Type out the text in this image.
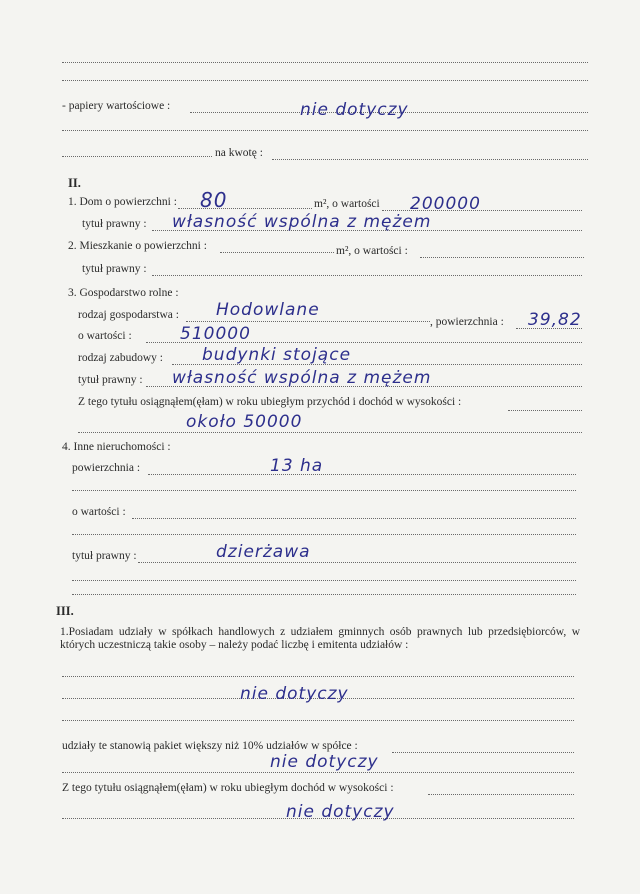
- papiery wartościowe :	nie dotyczy
na kwotę :
II.
1. Dom o powierzchni : 80	m², o wartości 200000
tytuł prawny : własność wspólna z mężem
2. Mieszkanie o powierzchni :	m², o wartości :
tytuł prawny :
3. Gospodarstwo rolne :
rodzaj gospodarstwa : Hodowlane
, powierzchnia : 39,82
o wartości :	510000
rodzaj zabudowy : budynki stojące
tytuł prawny : własność wspólna z mężem
Z tego tytułu osiągnąłem(ęłam) w roku ubiegłym przychód i dochód w wysokości :
około 50000
4. Inne nieruchomości :
powierzchnia :	13 ha
o wartości :
tytuł prawny :	dzierżawa
III.
1.Posiadam udziały w spółkach handlowych z udziałem gminnych osób prawnych lub przedsiębiorców, w których uczestniczą takie osoby – należy podać liczbę i emitenta udziałów :
nie dotyczy
udziały te stanowią pakiet większy niż 10% udziałów w spółce :
nie dotyczy
Z tego tytułu osiągnąłem(ęłam) w roku ubiegłym dochód w wysokości :
nie dotyczy
